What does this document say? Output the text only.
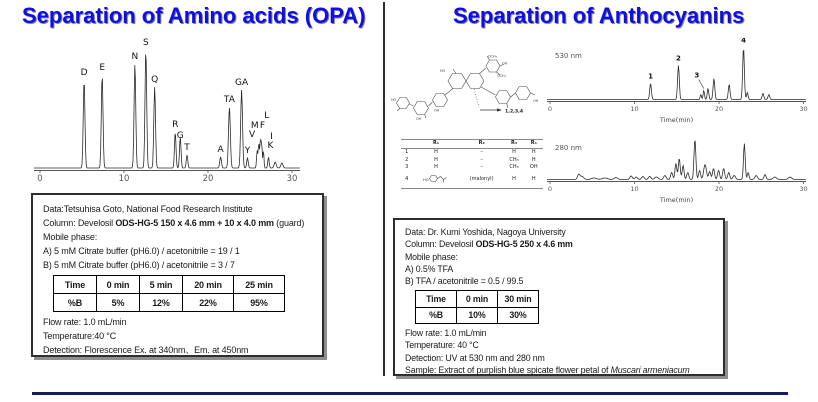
Separation of Amino acids (OPA)	Separation of Anthocyanins
0	10	20	30
D E
N
S
Q
R
G
T	A
TA
GA
Y
V
M F
L
I
K
0	10	20	30
Time(min)
530 nm
1
2
3
4
0	10	20	30
Time(min)
280 nm
OCH₃
OH
OCH₃
HO
HO
OH
OH
OH
1,2,3,4
	R₁	R₂	R₃	R₄
1	H	–	H	H
2	H	–	CH₃	H
3	H	–	CH₃	OH
4	HO	(malonyl)	H	H
Data:Tetsuhisa Goto, National Food Research Institute
Column: Develosil ODS-HG-5 150 x 4.6 mm + 10 x 4.0 mm (guard)
Mobile phase:
A) 5 mM Citrate buffer (pH6.0) / acetonitrile = 19 / 1
B) 5 mM Citrate buffer (pH6.0) / acetonitrile = 3 / 7
Time	0 min	5 min	20 min	25 min
%B	5%	12%	22%	95%
Flow rate: 1.0 mL/min
Temperature:40 °C
Detection: Florescence Ex. at 340nm、Em. at 450nm
Data: Dr. Kumi Yoshida, Nagoya University
Column: Develosil ODS-HG-5 250 x 4.6 mm
Mobile phase:
A) 0.5% TFA
B) TFA / acetonitrile = 0.5 / 99.5
Time	0 min	30 min
%B	10%	30%
Flow rate: 1.0 mL/min
Temperature: 40 °C
Detection: UV at 530 nm and 280 nm
Sample: Extract of purplish blue spicate flower petal of Muscari armeniacum
